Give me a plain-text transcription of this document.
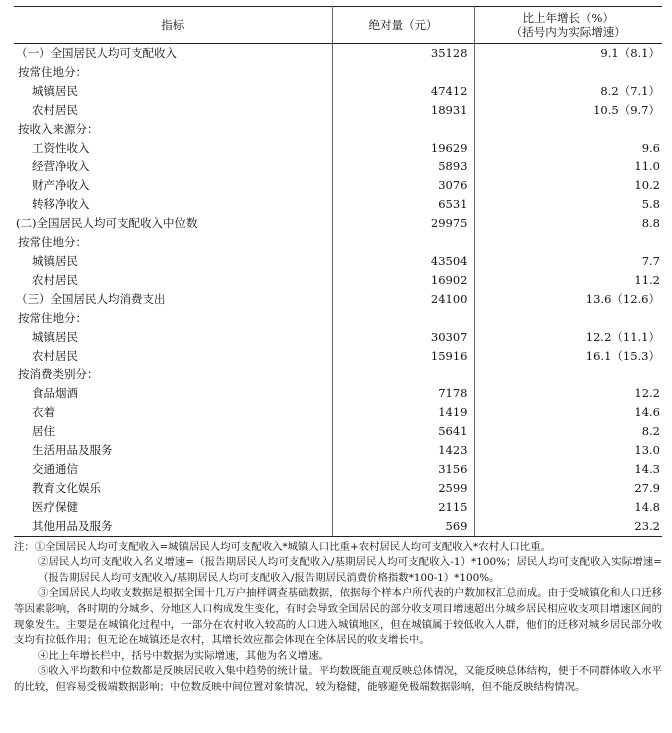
指标	绝对量（元）	比上年增长（%）
（括号内为实际增速）

（一）全国居民人均可支配收入	35128	9.1（8.1）
按常住地分：		
城镇居民	47412	8.2（7.1）
农村居民	18931	10.5（9.7）
按收入来源分：		
工资性收入	19629	9.6
经营净收入	5893	11.0
财产净收入	3076	10.2
转移净收入	6531	5.8
(二)全国居民人均可支配收入中位数	29975	8.8
按常住地分：		
城镇居民	43504	7.7
农村居民	16902	11.2
（三）全国居民人均消费支出	24100	13.6（12.6）
按常住地分：		
城镇居民	30307	12.2（11.1）
农村居民	15916	16.1（15.3）
按消费类别分：		
食品烟酒	7178	12.2
衣着	1419	14.6
居住	5641	8.2
生活用品及服务	1423	13.0
交通通信	3156	14.3
教育文化娱乐	2599	27.9
医疗保健	2115	14.8
其他用品及服务	569	23.2
注：①全国居民人均可支配收入=城镇居民人均可支配收入*城镇人口比重+农村居民人均可支配收入*农村人口比重。
②居民人均可支配收入名义增速=（报告期居民人均可支配收入/基期居民人均可支配收入-1）*100%；居民人均可支配收入实际增速=（报告期居民人均可支配收入/基期居民人均可支配收入/报告期居民消费价格指数*100-1）*100%。
③全国居民人均收支数据是根据全国十几万户抽样调查基础数据，依据每个样本户所代表的户数加权汇总而成。由于受城镇化和人口迁移等因素影响，各时期的分城乡、分地区人口构成发生变化，有时会导致全国居民的部分收支项目增速超出分城乡居民相应收支项目增速区间的现象发生。主要是在城镇化过程中，一部分在农村收入较高的人口进入城镇地区，但在城镇属于较低收入人群，他们的迁移对城乡居民部分收支均有拉低作用；但无论在城镇还是农村，其增长效应都会体现在全体居民的收支增长中。
④比上年增长栏中，括号中数据为实际增速，其他为名义增速。
⑤收入平均数和中位数都是反映居民收入集中趋势的统计量。平均数既能直观反映总体情况，又能反映总体结构，便于不同群体收入水平的比较，但容易受极端数据影响；中位数反映中间位置对象情况，较为稳健，能够避免极端数据影响，但不能反映结构情况。
